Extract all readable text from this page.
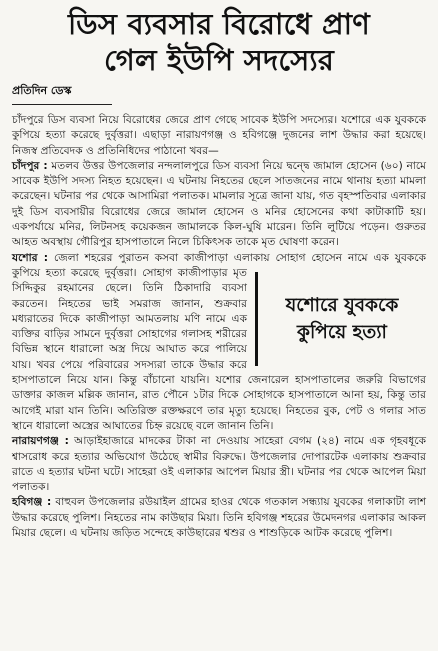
ডিস ব্যবসার বিরোধে প্রাণ
গেল ইউপি সদস্যের
প্রতিদিন ডেস্ক

চাঁদপুরে ডিস ব্যবসা নিয়ে বিরোধের জেরে প্রাণ গেছে সাবেক ইউপি সদস্যের। যশোরে এক যুবককে কুপিয়ে হত্যা করেছে দুর্বৃত্তরা। এছাড়া নারায়ণগঞ্জ ও হবিগঞ্জে দুজনের লাশ উদ্ধার করা হয়েছে। নিজস্ব প্রতিবেদক ও প্রতিনিধিদের পাঠানো খবর—

চাঁদপুর : মতলব উত্তর উপজেলার নন্দলালপুরে ডিস ব্যবসা নিয়ে দ্বন্দ্বে জামাল হোসেন (৬০) নামে সাবেক ইউপি সদস্য নিহত হয়েছেন। এ ঘটনায় নিহতের ছেলে সাতজনের নামে থানায় হত্যা মামলা করেছেন। ঘটনার পর থেকে আসামিরা পলাতক। মামলার সূত্রে জানা যায়, গত বৃহস্পতিবার এলাকার দুই ডিস ব্যবসায়ীর বিরোধের জেরে জামাল হোসেন ও মনির হোসেনের কথা কাটাকাটি হয়। একপর্যায়ে মনির, লিটনসহ কয়েকজন জামালকে কিল-ঘুষি মারেন। তিনি লুটিয়ে পড়েন। গুরুতর আহত অবস্থায় গৌরিপুর হাসপাতালে নিলে চিকিৎসক তাকে মৃত ঘোষণা করেন।

যশোর : জেলা শহরের পুরাতন কসবা কাজীপাড়া এলাকায় সোহাগ হোসেন নামে এক যুবককে কুপিয়ে হত্যা করেছে দুর্বৃত্তরা।
যশোরে যুবককে
কুপিয়ে হত্যা
সোহাগ কাজীপাড়ার মৃত সিদ্দিকুর রহমানের ছেলে। তিনি ঠিকাদারি ব্যবসা করতেন। নিহতের ভাই সমরাজ জানান, শুক্রবার মধ্যরাতের দিকে কাজীপাড়া আমতলায় মণি নামে এক ব্যক্তির বাড়ির সামনে দুর্বৃত্তরা সোহাগের গলাসহ শরীরের বিভিন্ন স্থানে ধারালো অস্ত্র দিয়ে আঘাত করে পালিয়ে যায়। খবর পেয়ে পরিবারের সদস্যরা তাকে উদ্ধার করে হাসপাতালে নিয়ে যান। কিন্তু বাঁচানো যায়নি। যশোর জেনারেল হাসপাতালের জরুরি বিভাগের ডাক্তার কাজল মল্লিক জানান, রাত পৌনে ১টার দিকে সোহাগকে হাসপাতালে আনা হয়, কিন্তু তার আগেই মারা যান তিনি। অতিরিক্ত রক্তক্ষরণে তার মৃত্যু হয়েছে। নিহতের বুক, পেট ও গলার সাত স্থানে ধারালো অস্ত্রের আঘাতের চিহ্ন রয়েছে বলে জানান তিনি।

নারায়ণগঞ্জ : আড়াইহাজারে মাদকের টাকা না দেওয়ায় সাহেরা বেগম (২৪) নামে এক গৃহবধূকে শ্বাসরোধ করে হত্যার অভিযোগ উঠেছে স্বামীর বিরুদ্ধে। উপজেলার দোপারটেক এলাকায় শুক্রবার রাতে এ হত্যার ঘটনা ঘটে। সাহেরা ওই এলাকার আপেল মিয়ার স্ত্রী। ঘটনার পর থেকে আপেল মিয়া পলাতক।

হবিগঞ্জ : বাহুবল উপজেলার রউয়াইল গ্রামের হাওর থেকে গতকাল সন্ধ্যায় যুবকের গলাকাটা লাশ উদ্ধার করেছে পুলিশ। নিহতের নাম কাউছার মিয়া। তিনি হবিগঞ্জ শহরের উমেদনগর এলাকার আকল মিয়ার ছেলে। এ ঘটনায় জড়িত সন্দেহে কাউছারের শ্বশুর ও শাশুড়িকে আটক করেছে পুলিশ।
